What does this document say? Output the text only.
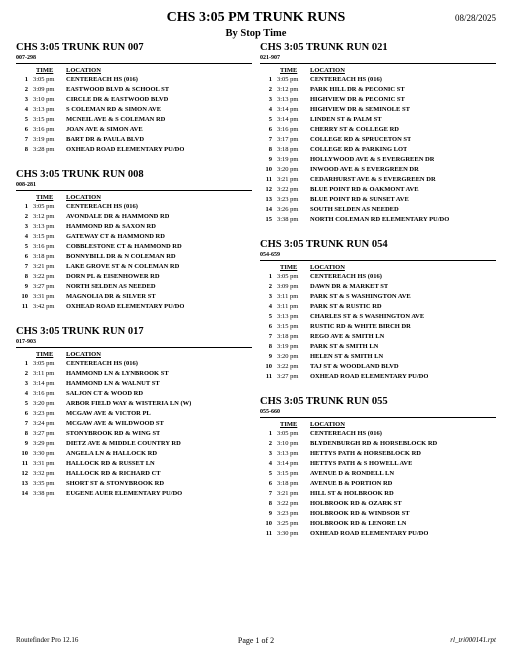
CHS 3:05 PM TRUNK RUNS
By Stop Time
08/28/2025
CHS 3:05 TRUNK RUN 007
007-298
TIME	LOCATION
1 3:05 pm	CENTEREACH HS (016)
2 3:09 pm	EASTWOOD BLVD & SCHOOL ST
3 3:10 pm	CIRCLE DR & EASTWOOD BLVD
4 3:13 pm	S COLEMAN RD & SIMON AVE
5 3:15 pm	MCNEIL AVE & S COLEMAN RD
6 3:16 pm	JOAN AVE & SIMON AVE
7 3:19 pm	BART DR & PAULA BLVD
8 3:28 pm	OXHEAD ROAD ELEMENTARY PU/DO
CHS 3:05 TRUNK RUN 008
008-281
TIME	LOCATION
1 3:05 pm	CENTEREACH HS (016)
2 3:12 pm	AVONDALE DR & HAMMOND RD
3 3:13 pm	HAMMOND RD & SAXON RD
4 3:15 pm	GATEWAY CT & HAMMOND RD
5 3:16 pm	COBBLESTONE CT & HAMMOND RD
6 3:18 pm	BONNYBILL DR & N COLEMAN RD
7 3:21 pm	LAKE GROVE ST & N COLEMAN RD
8 3:22 pm	DORN PL & EISENHOWER RD
9 3:27 pm	NORTH SELDEN AS NEEDED
10 3:31 pm	MAGNOLIA DR & SILVER ST
11 3:42 pm	OXHEAD ROAD ELEMENTARY PU/DO
CHS 3:05 TRUNK RUN 017
017-903
TIME	LOCATION
1 3:05 pm	CENTEREACH HS (016)
2 3:11 pm	HAMMOND LN & LYNBROOK ST
3 3:14 pm	HAMMOND LN & WALNUT ST
4 3:16 pm	SALJON CT & WOOD RD
5 3:20 pm	ARBOR FIELD WAY & WISTERIA LN (W)
6 3:23 pm	MCGAW AVE & VICTOR PL
7 3:24 pm	MCGAW AVE & WILDWOOD ST
8 3:27 pm	STONYBROOK RD & WING ST
9 3:29 pm	DIETZ AVE & MIDDLE COUNTRY RD
10 3:30 pm	ANGELA LN & HALLOCK RD
11 3:31 pm	HALLOCK RD & RUSSET LN
12 3:32 pm	HALLOCK RD & RICHARD CT
13 3:35 pm	SHORT ST & STONYBROOK RD
14 3:38 pm	EUGENE AUER ELEMENTARY PU/DO
CHS 3:05 TRUNK RUN 021
021-907
TIME	LOCATION
1 3:05 pm	CENTEREACH HS (016)
2 3:12 pm	PARK HILL DR & PECONIC ST
3 3:13 pm	HIGHVIEW DR & PECONIC ST
4 3:14 pm	HIGHVIEW DR & SEMINOLE ST
5 3:14 pm	LINDEN ST & PALM ST
6 3:16 pm	CHERRY ST & COLLEGE RD
7 3:17 pm	COLLEGE RD & SPRUCETON ST
8 3:18 pm	COLLEGE RD & PARKING LOT
9 3:19 pm	HOLLYWOOD AVE & S EVERGREEN DR
10 3:20 pm	INWOOD AVE & S EVERGREEN DR
11 3:21 pm	CEDARHURST AVE & S EVERGREEN DR
12 3:22 pm	BLUE POINT RD & OAKMONT AVE
13 3:23 pm	BLUE POINT RD & SUNSET AVE
14 3:26 pm	SOUTH SELDEN AS NEEDED
15 3:38 pm	NORTH COLEMAN RD ELEMENTARY PU/DO
CHS 3:05 TRUNK RUN 054
054-659
TIME	LOCATION
1 3:05 pm	CENTEREACH HS (016)
2 3:09 pm	DAWN DR & MARKET ST
3 3:11 pm	PARK ST & S WASHINGTON AVE
4 3:11 pm	PARK ST & RUSTIC RD
5 3:13 pm	CHARLES ST & S WASHINGTON AVE
6 3:15 pm	RUSTIC RD & WHITE BIRCH DR
7 3:18 pm	REGO AVE & SMITH LN
8 3:19 pm	PARK ST & SMITH LN
9 3:20 pm	HELEN ST & SMITH LN
10 3:22 pm	TAJ ST & WOODLAND BLVD
11 3:27 pm	OXHEAD ROAD ELEMENTARY PU/DO
CHS 3:05 TRUNK RUN 055
055-660
TIME	LOCATION
1 3:05 pm	CENTEREACH HS (016)
2 3:10 pm	BLYDENBURGH RD & HORSEBLOCK RD
3 3:13 pm	HETTYS PATH & HORSEBLOCK RD
4 3:14 pm	HETTYS PATH & S HOWELL AVE
5 3:15 pm	AVENUE D & RONDELL LN
6 3:18 pm	AVENUE B & PORTION RD
7 3:21 pm	HILL ST & HOLBROOK RD
8 3:22 pm	HOLBROOK RD & OZARK ST
9 3:23 pm	HOLBROOK RD & WINDSOR ST
10 3:25 pm	HOLBROOK RD & LENORE LN
11 3:30 pm	OXHEAD ROAD ELEMENTARY PU/DO
Routefinder Pro 12.16	Page 1 of 2	rl_tri000141.rpt
